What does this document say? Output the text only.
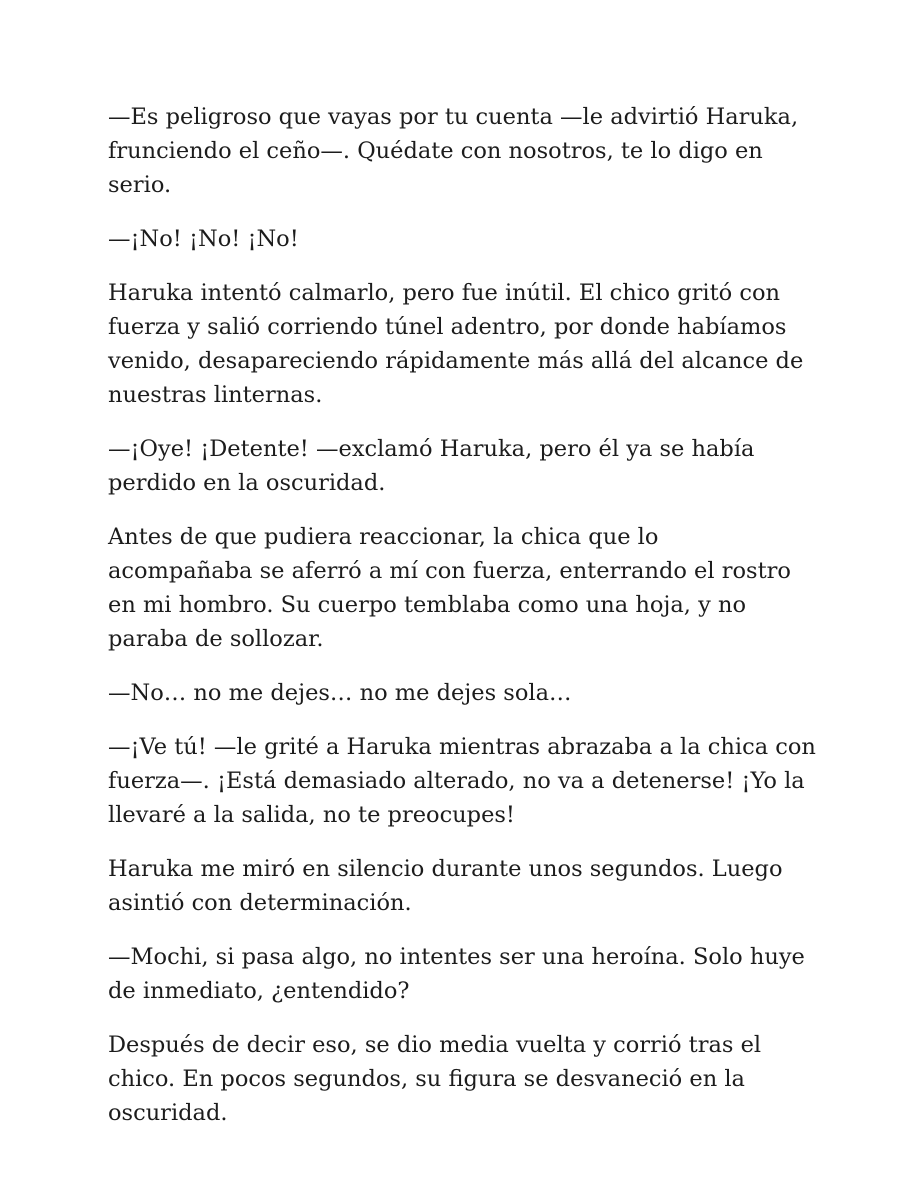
—Es peligroso que vayas por tu cuenta —le advirtió Haruka,
frunciendo el ceño—. Quédate con nosotros, te lo digo en
serio.

—¡No! ¡No! ¡No!

Haruka intentó calmarlo, pero fue inútil. El chico gritó con
fuerza y salió corriendo túnel adentro, por donde habíamos
venido, desapareciendo rápidamente más allá del alcance de
nuestras linternas.

—¡Oye! ¡Detente! —exclamó Haruka, pero él ya se había
perdido en la oscuridad.

Antes de que pudiera reaccionar, la chica que lo
acompañaba se aferró a mí con fuerza, enterrando el rostro
en mi hombro. Su cuerpo temblaba como una hoja, y no
paraba de sollozar.

—No… no me dejes… no me dejes sola…

—¡Ve tú! —le grité a Haruka mientras abrazaba a la chica con
fuerza—. ¡Está demasiado alterado, no va a detenerse! ¡Yo la
llevaré a la salida, no te preocupes!

Haruka me miró en silencio durante unos segundos. Luego
asintió con determinación.

—Mochi, si pasa algo, no intentes ser una heroína. Solo huye
de inmediato, ¿entendido?

Después de decir eso, se dio media vuelta y corrió tras el
chico. En pocos segundos, su figura se desvaneció en la
oscuridad.
